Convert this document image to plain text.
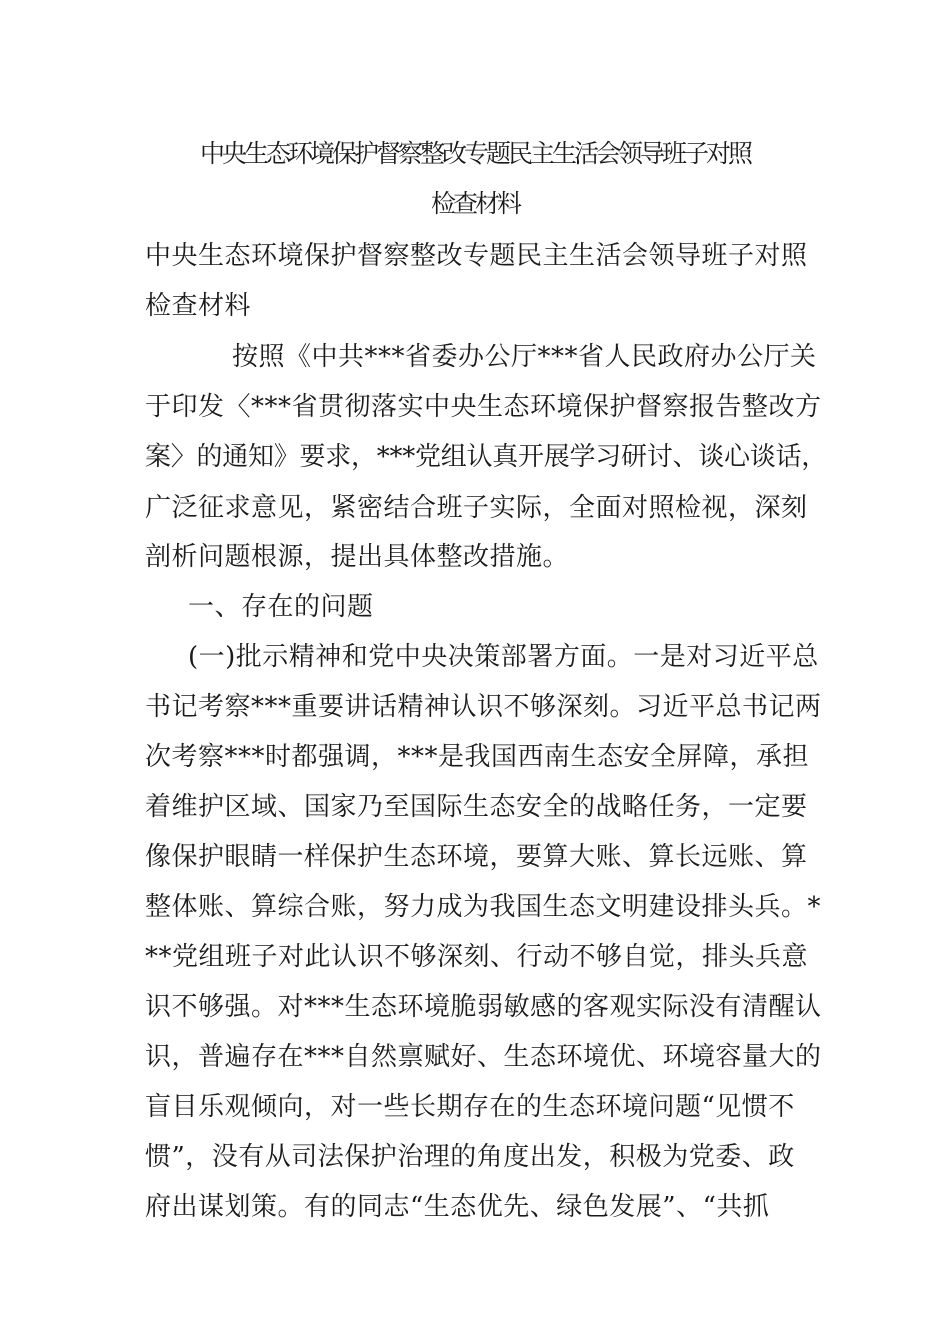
中央生态环境保护督察整改专题民主生活会领导班子对照
检查材料
中央生态环境保护督察整改专题民主生活会领导班子对照
检查材料
按照《中共***省委办公厅***省人民政府办公厅关
于印发〈***省贯彻落实中央生态环境保护督察报告整改方
案〉的通知》要求，***党组认真开展学习研讨、谈心谈话，
广泛征求意见，紧密结合班子实际，全面对照检视，深刻
剖析问题根源，提出具体整改措施。
一、存在的问题
(一)批示精神和党中央决策部署方面。一是对习近平总
书记考察***重要讲话精神认识不够深刻。习近平总书记两
次考察***时都强调，***是我国西南生态安全屏障，承担
着维护区域、国家乃至国际生态安全的战略任务，一定要
像保护眼睛一样保护生态环境，要算大账、算长远账、算
整体账、算综合账，努力成为我国生态文明建设排头兵。*
**党组班子对此认识不够深刻、行动不够自觉，排头兵意
识不够强。对***生态环境脆弱敏感的客观实际没有清醒认
识，普遍存在***自然禀赋好、生态环境优、环境容量大的
盲目乐观倾向，对一些长期存在的生态环境问题“见惯不
惯”，没有从司法保护治理的角度出发，积极为党委、政
府出谋划策。有的同志“生态优先、绿色发展”、“共抓
